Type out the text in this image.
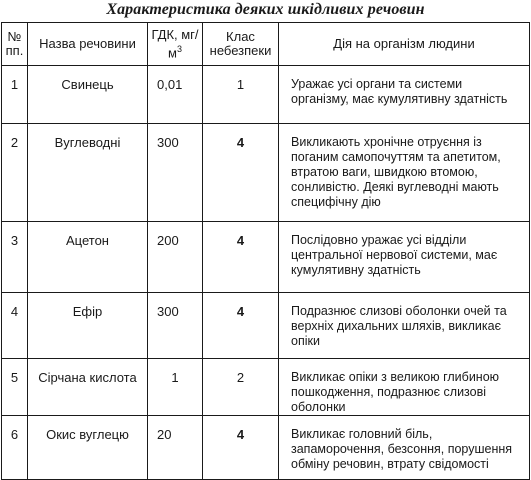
Характеристика деяких шкідливих речовин
№ пп.	Назва речовини	ГДК, $мг/м^3$	Клас небезпеки	Дія на організм людини
1	Свинець	0,01	1	Уражає усі органи та системи організму, має кумулятивну здатність
2	Вуглеводні	300	4	Викликають хронічне отруєння із поганим самопочуттям та апетитом, втратою ваги, швидкою втомою, сонливістю. Деякі вуглеводні мають специфічну дію
3	Ацетон	200	4	Послідовно уражає усі відділи центральної нервової системи, має кумулятивну здатність
4	Ефір	300	4	Подразнює слизові оболонки очей та верхніх дихальних шляхів, викликає опіки
5	Сірчана кислота	1	2	Викликає опіки з великою глибиною пошкодження, подразнює слизові оболонки
6	Окис вуглецю	20	4	Викликає головний біль, запаморочення, безсоння, порушення обміну речовин, втрату свідомості
